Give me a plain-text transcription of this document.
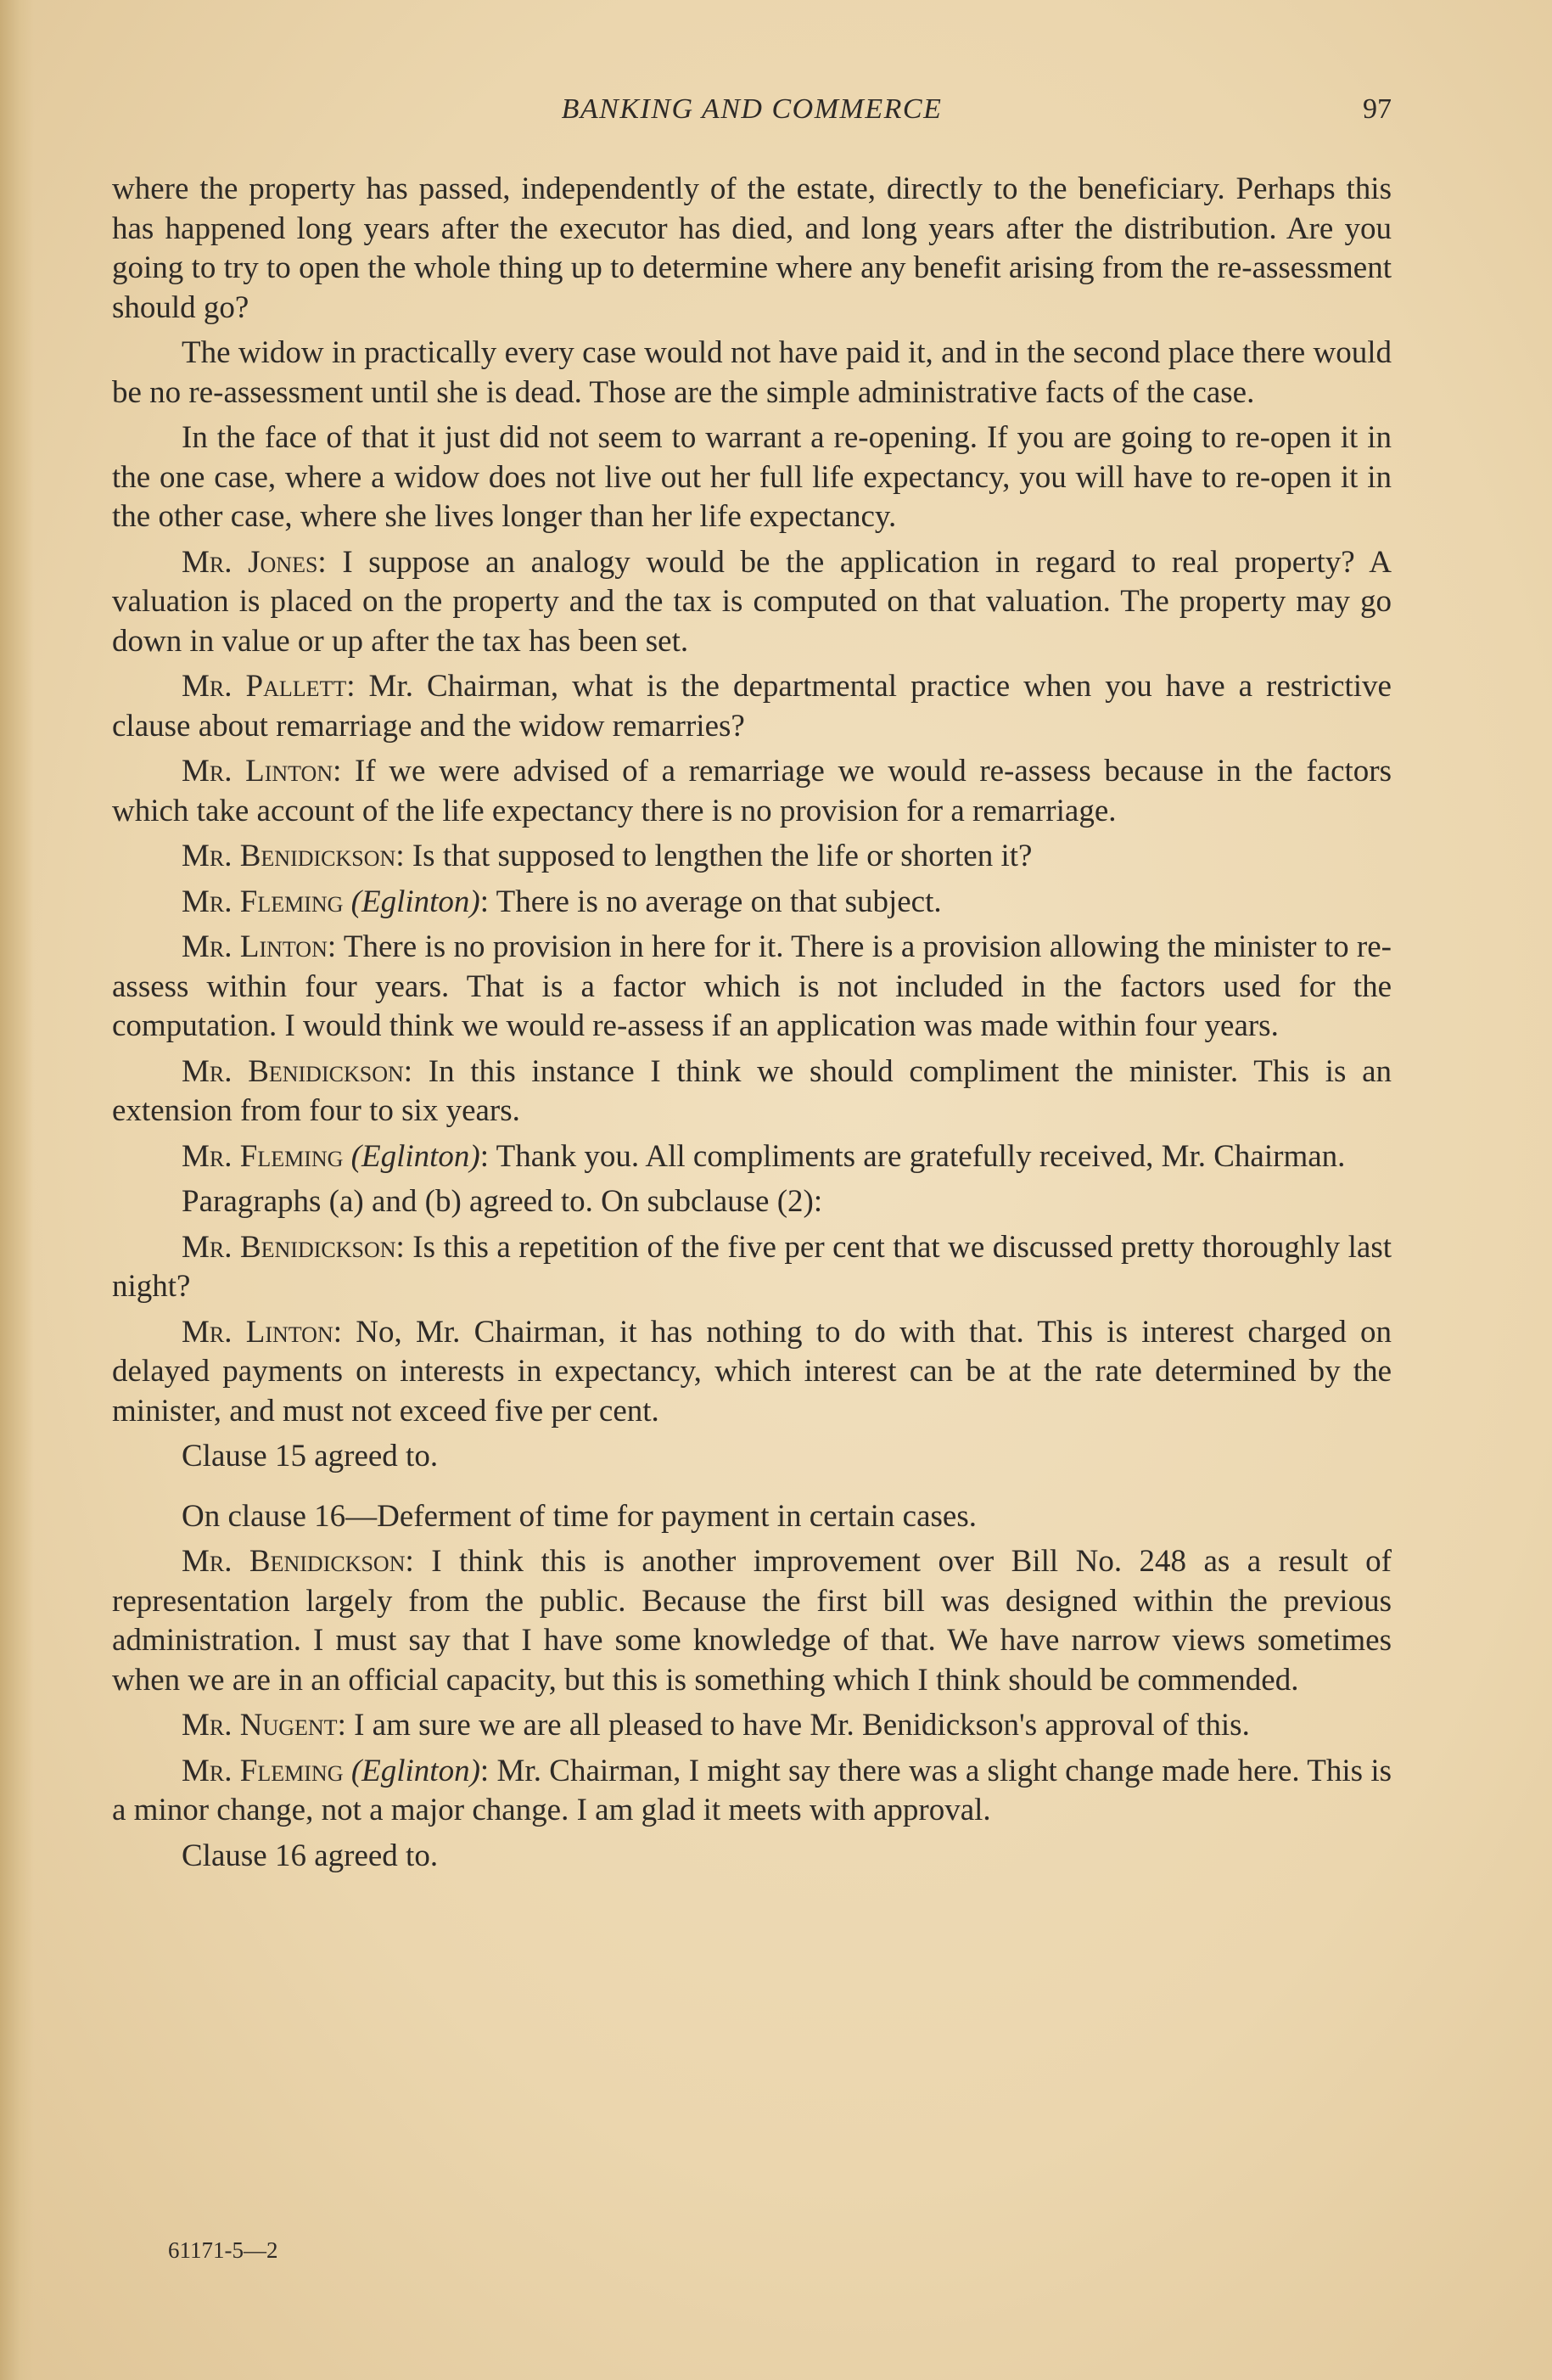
BANKING AND COMMERCE	97

where the property has passed, independently of the estate, directly to the beneficiary. Perhaps this has happened long years after the executor has died, and long years after the distribution. Are you going to try to open the whole thing up to determine where any benefit arising from the re-assessment should go?

The widow in practically every case would not have paid it, and in the second place there would be no re-assessment until she is dead. Those are the simple administrative facts of the case.

In the face of that it just did not seem to warrant a re-opening. If you are going to re-open it in the one case, where a widow does not live out her full life expectancy, you will have to re-open it in the other case, where she lives longer than her life expectancy.

Mr. Jones: I suppose an analogy would be the application in regard to real property? A valuation is placed on the property and the tax is computed on that valuation. The property may go down in value or up after the tax has been set.

Mr. Pallett: Mr. Chairman, what is the departmental practice when you have a restrictive clause about remarriage and the widow remarries?

Mr. Linton: If we were advised of a remarriage we would re-assess because in the factors which take account of the life expectancy there is no provision for a remarriage.

Mr. Benidickson: Is that supposed to lengthen the life or shorten it?

Mr. Fleming (Eglinton): There is no average on that subject.

Mr. Linton: There is no provision in here for it. There is a provision allowing the minister to re-assess within four years. That is a factor which is not included in the factors used for the computation. I would think we would re-assess if an application was made within four years.

Mr. Benidickson: In this instance I think we should compliment the minister. This is an extension from four to six years.

Mr. Fleming (Eglinton): Thank you. All compliments are gratefully received, Mr. Chairman.

Paragraphs (a) and (b) agreed to. On subclause (2):

Mr. Benidickson: Is this a repetition of the five per cent that we discussed pretty thoroughly last night?

Mr. Linton: No, Mr. Chairman, it has nothing to do with that. This is interest charged on delayed payments on interests in expectancy, which interest can be at the rate determined by the minister, and must not exceed five per cent.

Clause 15 agreed to.

On clause 16—Deferment of time for payment in certain cases.

Mr. Benidickson: I think this is another improvement over Bill No. 248 as a result of representation largely from the public. Because the first bill was designed within the previous administration. I must say that I have some knowledge of that. We have narrow views sometimes when we are in an official capacity, but this is something which I think should be commended.

Mr. Nugent: I am sure we are all pleased to have Mr. Benidickson's approval of this.

Mr. Fleming (Eglinton): Mr. Chairman, I might say there was a slight change made here. This is a minor change, not a major change. I am glad it meets with approval.

Clause 16 agreed to.

61171-5—2
